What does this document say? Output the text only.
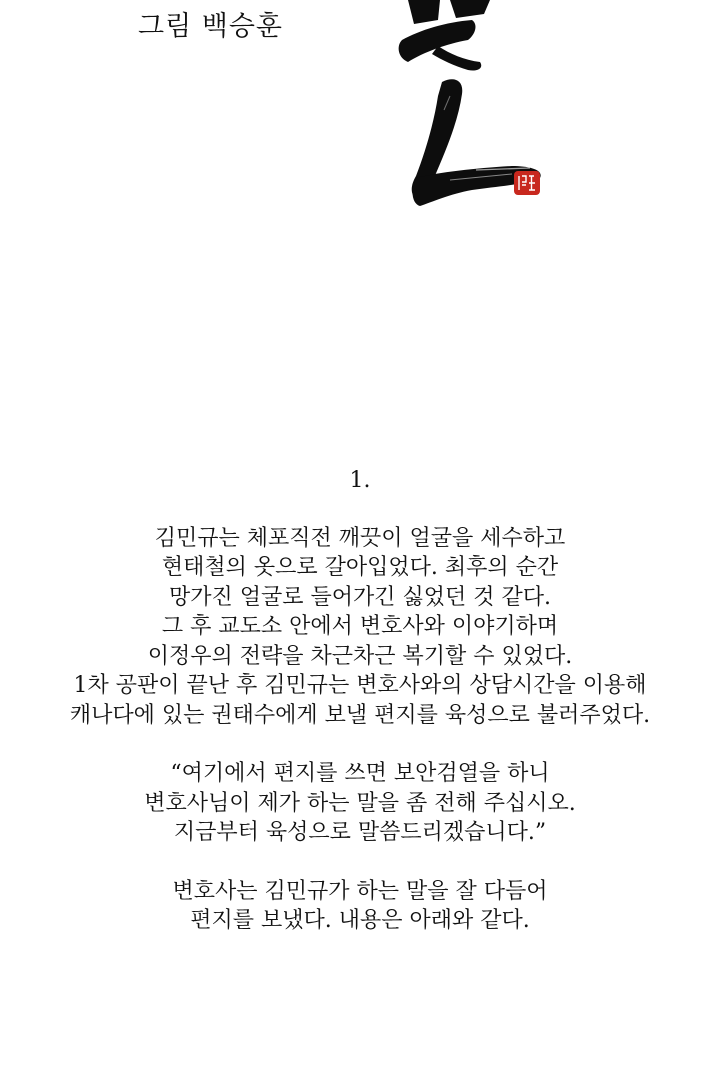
그림 백승훈

1.

김민규는 체포직전 깨끗이 얼굴을 세수하고

현태철의 옷으로 갈아입었다. 최후의 순간

망가진 얼굴로 들어가긴 싫었던 것 같다.

그 후 교도소 안에서 변호사와 이야기하며

이정우의 전략을 차근차근 복기할 수 있었다.

1차 공판이 끝난 후 김민규는 변호사와의 상담시간을 이용해

캐나다에 있는 권태수에게 보낼 편지를 육성으로 불러주었다.

“여기에서 편지를 쓰면 보안검열을 하니

변호사님이 제가 하는 말을 좀 전해 주십시오.

지금부터 육성으로 말씀드리겠습니다.”

변호사는 김민규가 하는 말을 잘 다듬어

편지를 보냈다. 내용은 아래와 같다.
